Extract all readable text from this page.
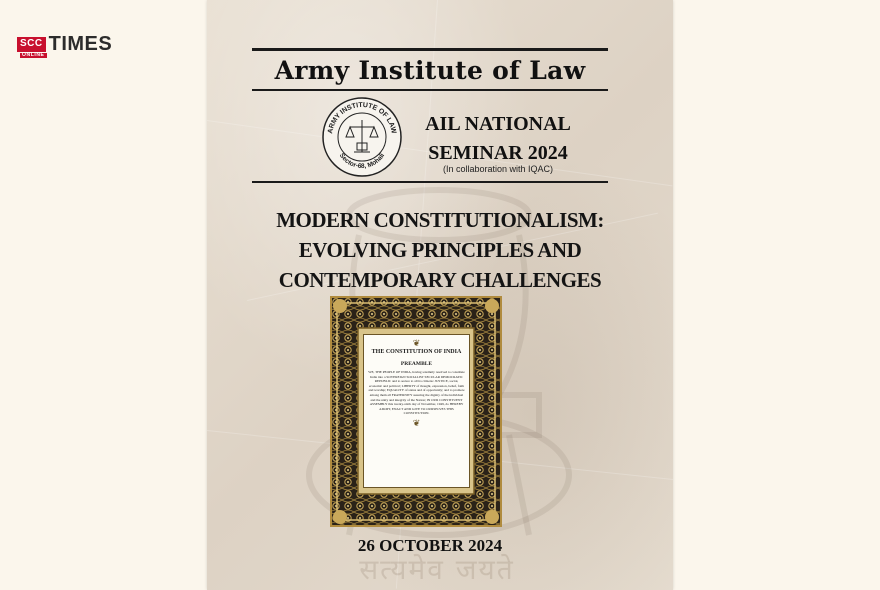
SCC
ONLINE TIMES
Army Institute of Law
ARMY INSTITUTE OF LAW
Sector-68, Mohali
AIL NATIONAL
SEMINAR 2024
(In collaboration with IQAC)
MODERN CONSTITUTIONALISM:
EVOLVING PRINCIPLES AND
CONTEMPORARY CHALLENGES
❦
THE CONSTITUTION OF INDIA
PREAMBLE
WE, THE PEOPLE OF INDIA, having solemnly resolved to constitute India into a SOVEREIGN SOCIALIST SECULAR DEMOCRATIC REPUBLIC and to secure to all its citizens: JUSTICE, social, economic and political; LIBERTY of thought, expression, belief, faith and worship; EQUALITY of status and of opportunity; and to promote among them all FRATERNITY assuring the dignity of the individual and the unity and integrity of the Nation; IN OUR CONSTITUENT ASSEMBLY this twenty-sixth day of November, 1949, do HEREBY ADOPT, ENACT AND GIVE TO OURSELVES THIS CONSTITUTION.
❦
26 OCTOBER 2024
सत्यमेव जयते
